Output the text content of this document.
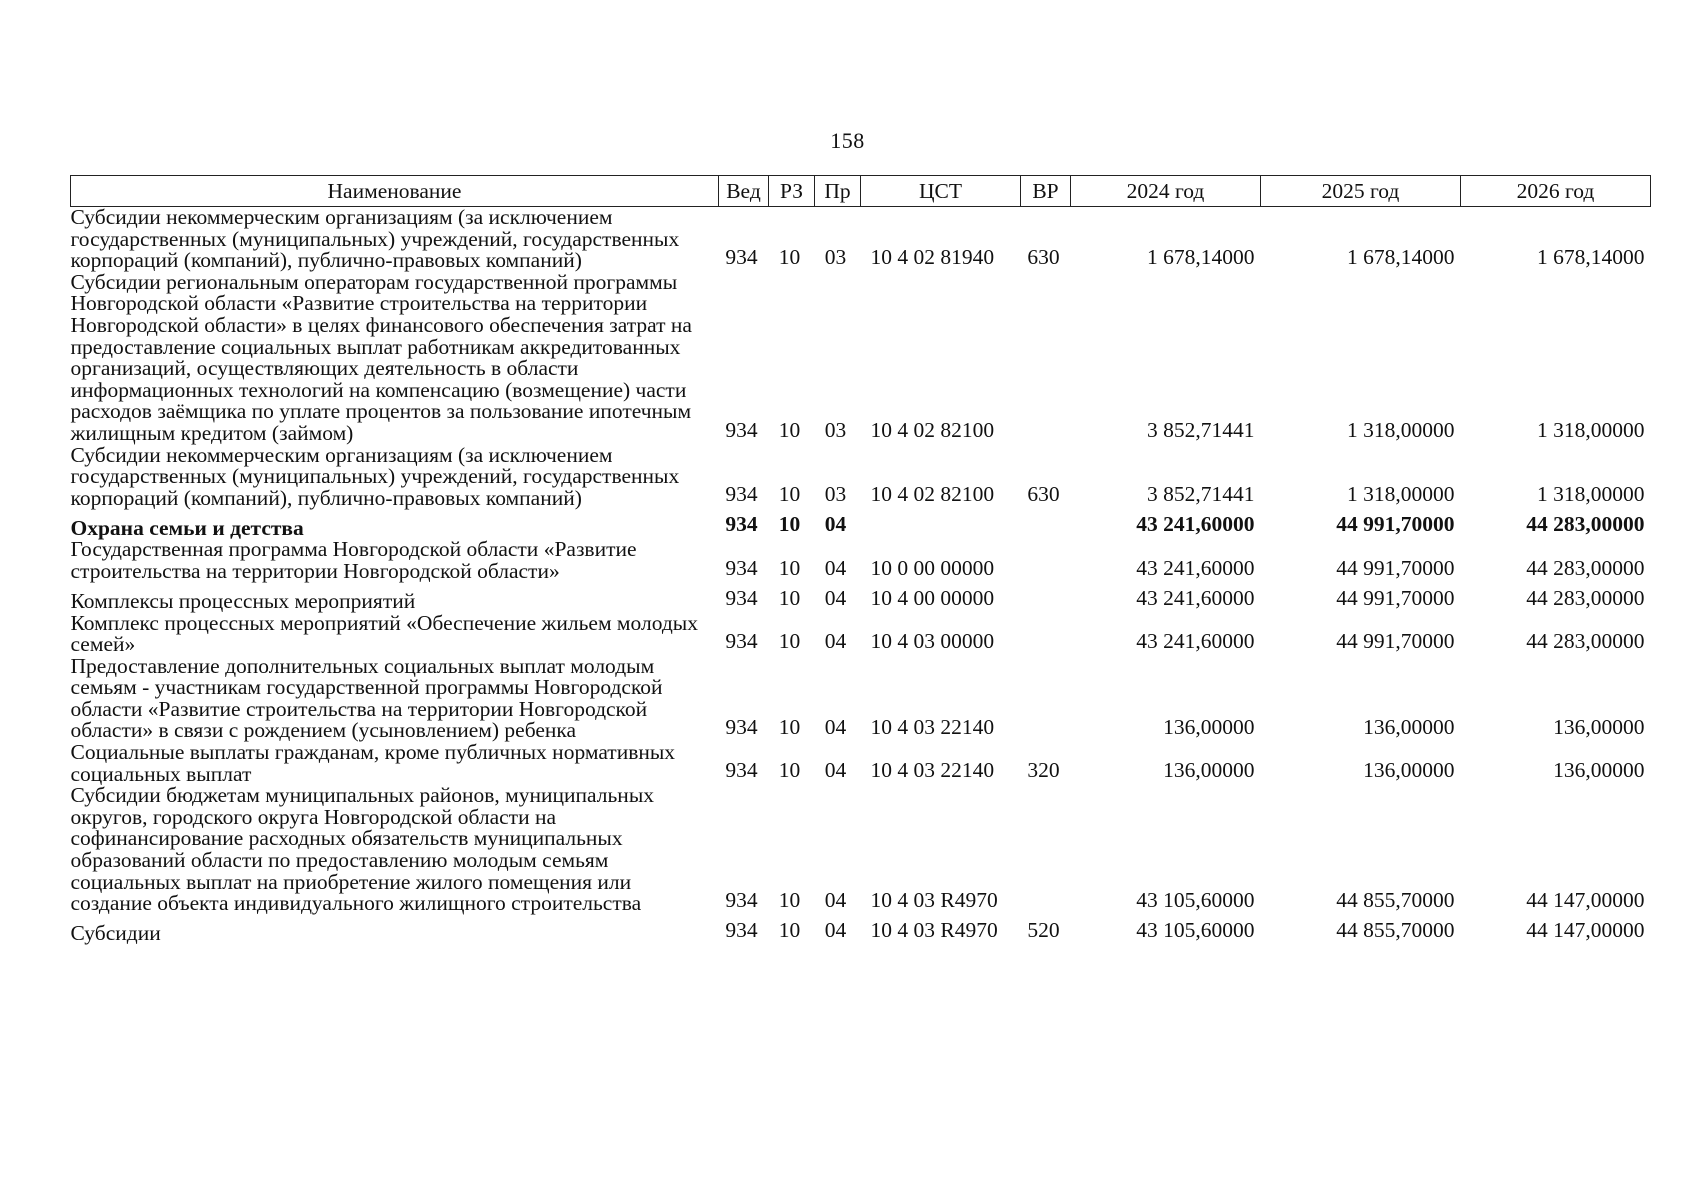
158
Наименование	Вед	РЗ	Пр	ЦСТ	ВР	2024 год	2025 год	2026 год
Субсидии некоммерческим организациям (за исключением государственных (муниципальных) учреждений, государственных корпораций (компаний), публично-правовых компаний)	934	10	03	10 4 02 81940	630	1 678,14000	1 678,14000	1 678,14000
Субсидии региональным операторам государственной программы Новгородской области «Развитие строительства на территории Новгородской области» в целях финансового обеспечения затрат на предоставление социальных выплат работникам аккредитованных организаций, осуществляющих деятельность в области информационных технологий на компенсацию (возмещение) части расходов заёмщика по уплате процентов за пользование ипотечным жилищным кредитом (займом)	934	10	03	10 4 02 82100		3 852,71441	1 318,00000	1 318,00000
Субсидии некоммерческим организациям (за исключением государственных (муниципальных) учреждений, государственных корпораций (компаний), публично-правовых компаний)	934	10	03	10 4 02 82100	630	3 852,71441	1 318,00000	1 318,00000
Охрана семьи и детства	934	10	04			43 241,60000	44 991,70000	44 283,00000
Государственная программа Новгородской области «Развитие строительства на территории Новгородской области»	934	10	04	10 0 00 00000		43 241,60000	44 991,70000	44 283,00000
Комплексы процессных мероприятий	934	10	04	10 4 00 00000		43 241,60000	44 991,70000	44 283,00000
Комплекс процессных мероприятий «Обеспечение жильем молодых семей»	934	10	04	10 4 03 00000		43 241,60000	44 991,70000	44 283,00000
Предоставление дополнительных социальных выплат молодым семьям - участникам государственной программы Новгородской области «Развитие строительства на территории Новгородской области» в связи с рождением (усыновлением) ребенка	934	10	04	10 4 03 22140		136,00000	136,00000	136,00000
Социальные выплаты гражданам, кроме публичных нормативных социальных выплат	934	10	04	10 4 03 22140	320	136,00000	136,00000	136,00000
Субсидии бюджетам муниципальных районов, муниципальных округов, городского округа Новгородской области на софинансирование расходных обязательств муниципальных образований области по предоставлению молодым семьям социальных выплат на приобретение жилого помещения или создание объекта индивидуального жилищного строительства	934	10	04	10 4 03 R4970		43 105,60000	44 855,70000	44 147,00000
Субсидии	934	10	04	10 4 03 R4970	520	43 105,60000	44 855,70000	44 147,00000
